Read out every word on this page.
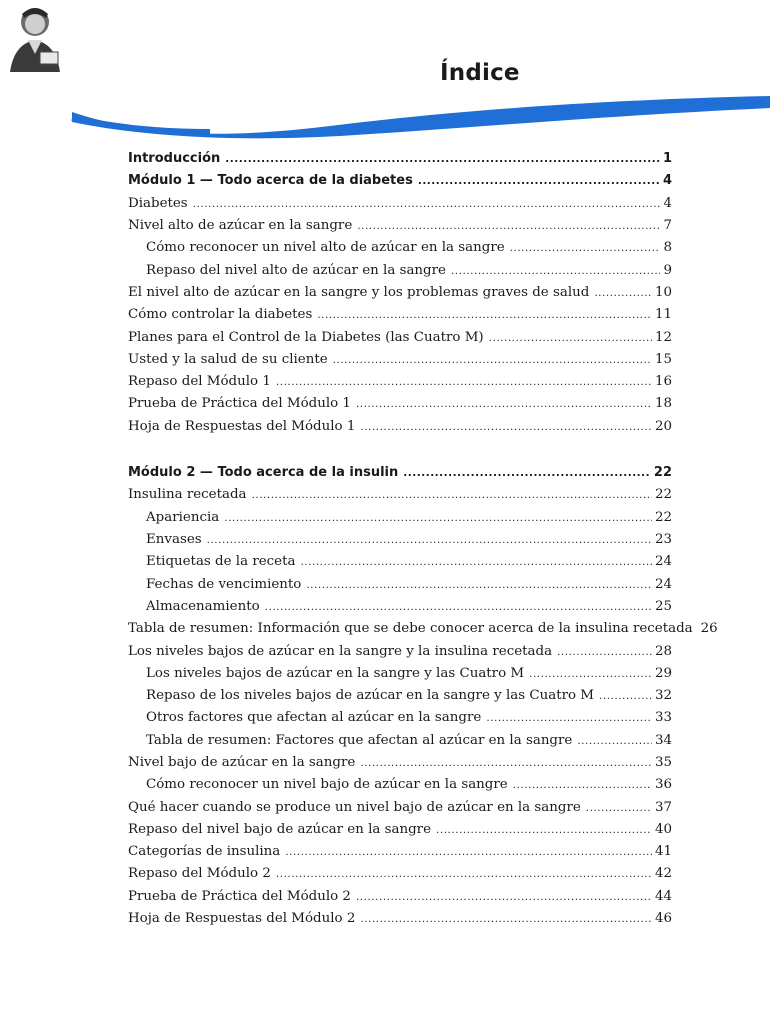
Índice
Introducción .....	1
Módulo 1 — Todo acerca de la diabetes .....	4
Diabetes .....	4
Nivel alto de azúcar en la sangre .....	7
Cómo reconocer un nivel alto de azúcar en la sangre .....	8
Repaso del nivel alto de azúcar en la sangre .....	9
El nivel alto de azúcar en la sangre y los problemas graves de salud .....	10
Cómo controlar la diabetes .....	11
Planes para el Control de la Diabetes (las Cuatro M) .....	12
Usted y la salud de su cliente .....	15
Repaso del Módulo 1 .....	16
Prueba de Práctica del Módulo 1 .....	18
Hoja de Respuestas del Módulo 1 .....	20
Módulo 2 — Todo acerca de la insulin .....	22
Insulina recetada .....	22
Apariencia .....	22
Envases .....	23
Etiquetas de la receta .....	24
Fechas de vencimiento .....	24
Almacenamiento .....	25
Tabla de resumen: Información que se debe conocer acerca de la insulina recetada 26
Los niveles bajos de azúcar en la sangre y la insulina recetada .....	28
Los niveles bajos de azúcar en la sangre y las Cuatro M .....	29
Repaso de los niveles bajos de azúcar en la sangre y las Cuatro M .....	32
Otros factores que afectan al azúcar en la sangre .....	33
Tabla de resumen: Factores que afectan al azúcar en la sangre .....	34
Nivel bajo de azúcar en la sangre .....	35
Cómo reconocer un nivel bajo de azúcar en la sangre .....	36
Qué hacer cuando se produce un nivel bajo de azúcar en la sangre .....	37
Repaso del nivel bajo de azúcar en la sangre .....	40
Categorías de insulina .....	41
Repaso del Módulo 2 .....	42
Prueba de Práctica del Módulo 2 .....	44
Hoja de Respuestas del Módulo 2 .....	46
